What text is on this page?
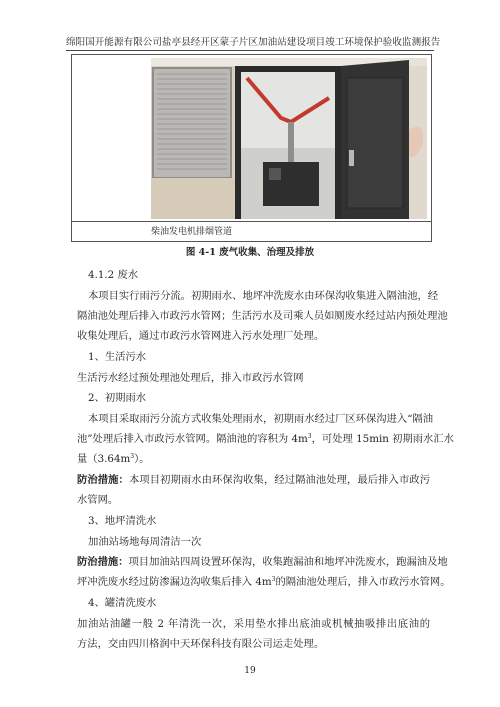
绵阳国开能源有限公司盐亭县经开区蒙子片区加油站建设项目竣工环境保护验收监测报告
柴油发电机排烟管道
图 4-1 废气收集、治理及排放
4.1.2 废水
本项目实行雨污分流。初期雨水、地坪冲洗废水由环保沟收集进入隔油池，经
隔油池处理后排入市政污水管网；生活污水及司乘人员如厕废水经过站内预处理池
收集处理后，通过市政污水管网进入污水处理厂处理。
1、生活污水
生活污水经过预处理池处理后，排入市政污水管网
2、初期雨水
本项目采取雨污分流方式收集处理雨水，初期雨水经过厂区环保沟进入“隔油
池”处理后排入市政污水管网。隔油池的容积为 $4m^3$，可处理 15min 初期雨水汇水
量$(3.64m^3)$。
防治措施：本项目初期雨水由环保沟收集，经过隔油池处理，最后排入市政污
水管网。
3、地坪清洗水
加油站场地每周清洁一次
防治措施：项目加油站四周设置环保沟，收集跑漏油和地坪冲洗废水，跑漏油及地
坪冲洗废水经过防渗漏边沟收集后排入 $4m^3$的隔油池处理后，排入市政污水管网。
4、罐清洗废水
加油站油罐一般 2 年清洗一次，采用垫水排出底油或机械抽吸排出底油的
方法，交由四川格润中天环保科技有限公司运走处理。
19
